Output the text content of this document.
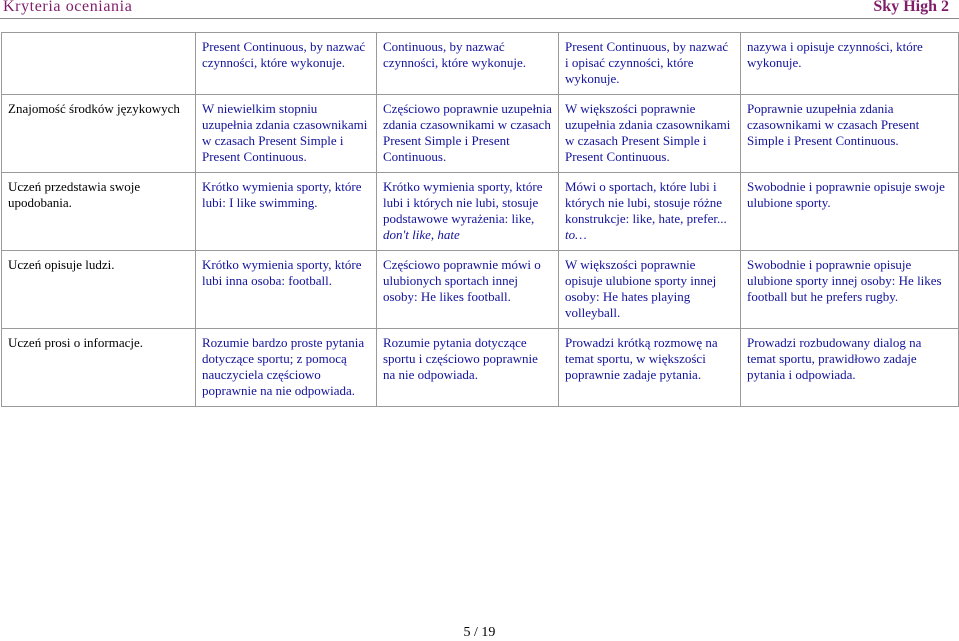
Kryteria oceniania	Sky High 2
	Present Continuous, by nazwać czynności, które wykonuje.	Continuous, by nazwać czynności, które wykonuje.	Present Continuous, by nazwać i opisać czynności, które wykonuje.	nazywa i opisuje czynności, które wykonuje.
Znajomość środków językowych	W niewielkim stopniu uzupełnia zdania czasownikami w czasach Present Simple i Present Continuous.	Częściowo poprawnie uzupełnia zdania czasownikami w czasach Present Simple i Present Continuous.	W większości poprawnie uzupełnia zdania czasownikami w czasach Present Simple i Present Continuous.	Poprawnie uzupełnia zdania czasownikami w czasach Present Simple i Present Continuous.
Uczeń przedstawia swoje upodobania.	Krótko wymienia sporty, które lubi: I like swimming.	Krótko wymienia sporty, które lubi i których nie lubi, stosuje podstawowe wyrażenia: like, don't like, hate	Mówi o sportach, które lubi i których nie lubi, stosuje różne konstrukcje: like, hate, prefer... to…	Swobodnie i poprawnie opisuje swoje ulubione sporty.
Uczeń opisuje ludzi.	Krótko wymienia sporty, które lubi inna osoba: football.	Częściowo poprawnie mówi o ulubionych sportach innej osoby: He likes football.	W większości poprawnie opisuje ulubione sporty innej osoby: He hates playing volleyball.	Swobodnie i poprawnie opisuje ulubione sporty innej osoby: He likes football but he prefers rugby.
Uczeń prosi o informacje.	Rozumie bardzo proste pytania dotyczące sportu; z pomocą nauczyciela częściowo poprawnie na nie odpowiada.	Rozumie pytania dotyczące sportu i częściowo poprawnie na nie odpowiada.	Prowadzi krótką rozmowę na temat sportu, w większości poprawnie zadaje pytania.	Prowadzi rozbudowany dialog na temat sportu, prawidłowo zadaje pytania i odpowiada.
5 / 19
